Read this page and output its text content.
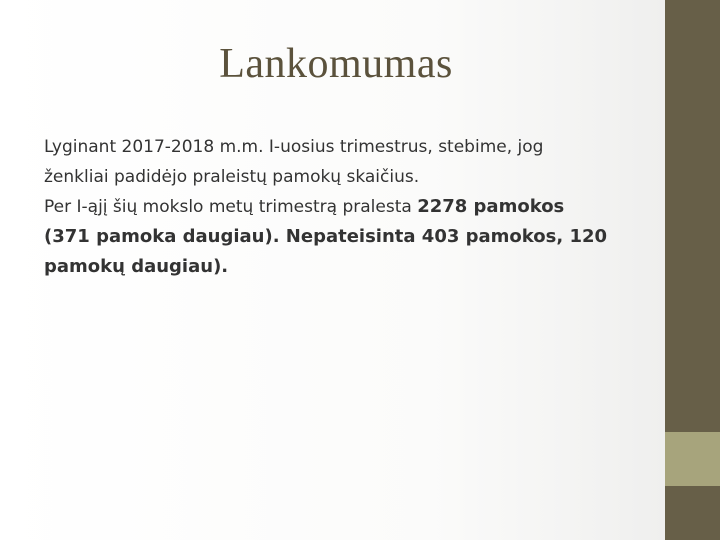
Lankomumas
Lyginant 2017-2018 m.m. I-uosius trimestrus, stebime, jog
ženkliai padidėjo praleistų pamokų skaičius.
Per I-ąjį šių mokslo metų trimestrą pralesta 2278 pamokos
(371 pamoka daugiau). Nepateisinta 403 pamokos, 120
pamokų daugiau).
